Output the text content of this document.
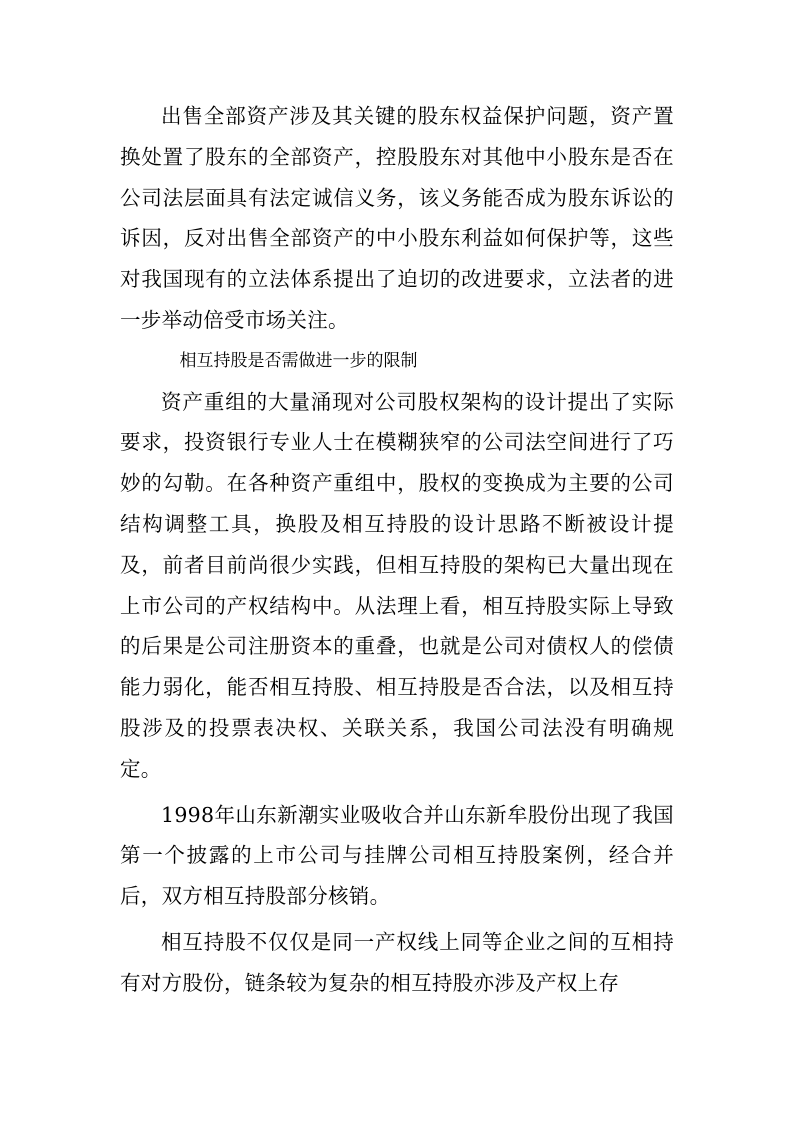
出售全部资产涉及其关键的股东权益保护问题，资产置换处置了股东的全部资产，控股股东对其他中小股东是否在公司法层面具有法定诚信义务，该义务能否成为股东诉讼的诉因，反对出售全部资产的中小股东利益如何保护等，这些对我国现有的立法体系提出了迫切的改进要求，立法者的进一步举动倍受市场关注。

相互持股是否需做进一步的限制

资产重组的大量涌现对公司股权架构的设计提出了实际要求，投资银行专业人士在模糊狭窄的公司法空间进行了巧妙的勾勒。在各种资产重组中，股权的变换成为主要的公司结构调整工具，换股及相互持股的设计思路不断被设计提及，前者目前尚很少实践，但相互持股的架构已大量出现在上市公司的产权结构中。从法理上看，相互持股实际上导致的后果是公司注册资本的重叠，也就是公司对债权人的偿债能力弱化，能否相互持股、相互持股是否合法，以及相互持股涉及的投票表决权、关联关系，我国公司法没有明确规定。

1998年山东新潮实业吸收合并山东新牟股份出现了我国第一个披露的上市公司与挂牌公司相互持股案例，经合并后，双方相互持股部分核销。

相互持股不仅仅是同一产权线上同等企业之间的互相持有对方股份，链条较为复杂的相互持股亦涉及产权上存
